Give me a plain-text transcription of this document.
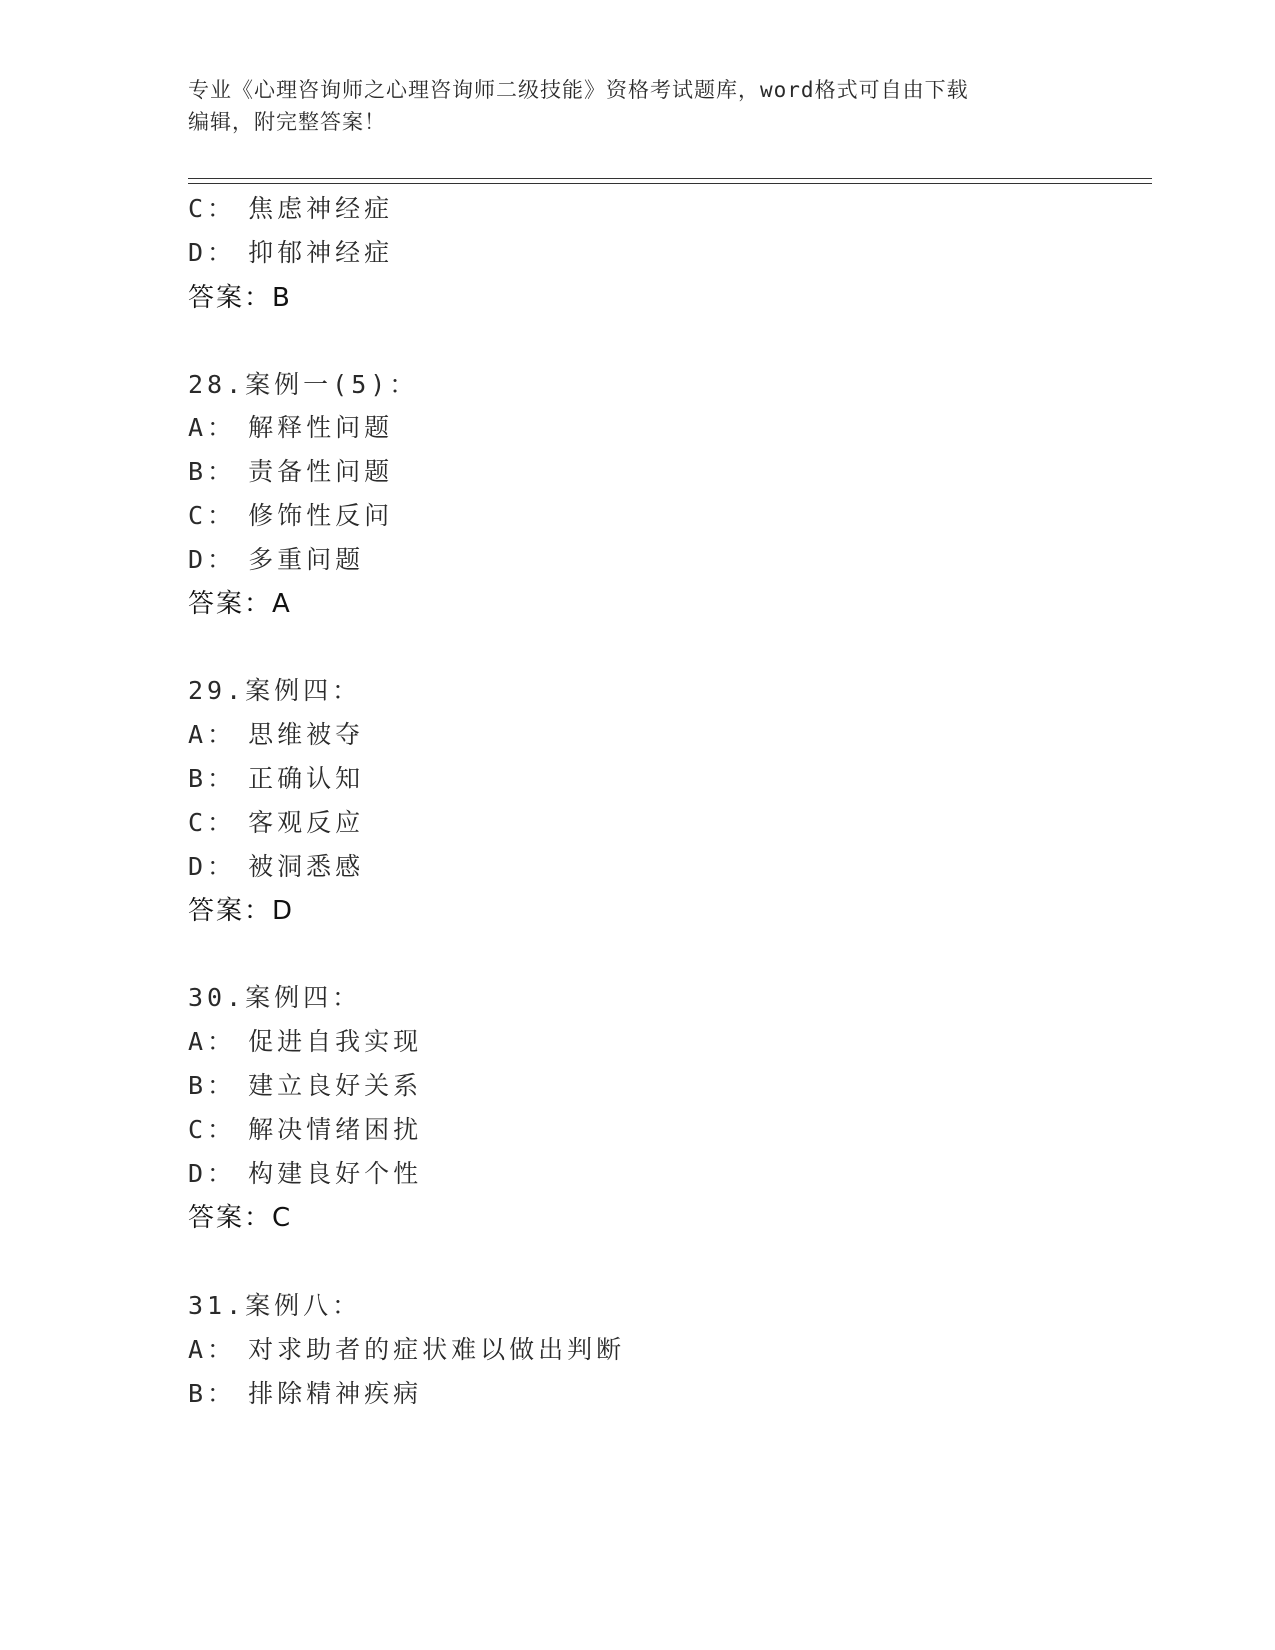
专业《心理咨询师之心理咨询师二级技能》资格考试题库，word格式可自由下载
编辑，附完整答案！
C： 焦虑神经症
D： 抑郁神经症
答案：B
28.案例一(5)：
A： 解释性问题
B： 责备性问题
C： 修饰性反问
D： 多重问题
答案：A
29.案例四：
A： 思维被夺
B： 正确认知
C： 客观反应
D： 被洞悉感
答案：D
30.案例四：
A： 促进自我实现
B： 建立良好关系
C： 解决情绪困扰
D： 构建良好个性
答案：C
31.案例八：
A： 对求助者的症状难以做出判断
B： 排除精神疾病
